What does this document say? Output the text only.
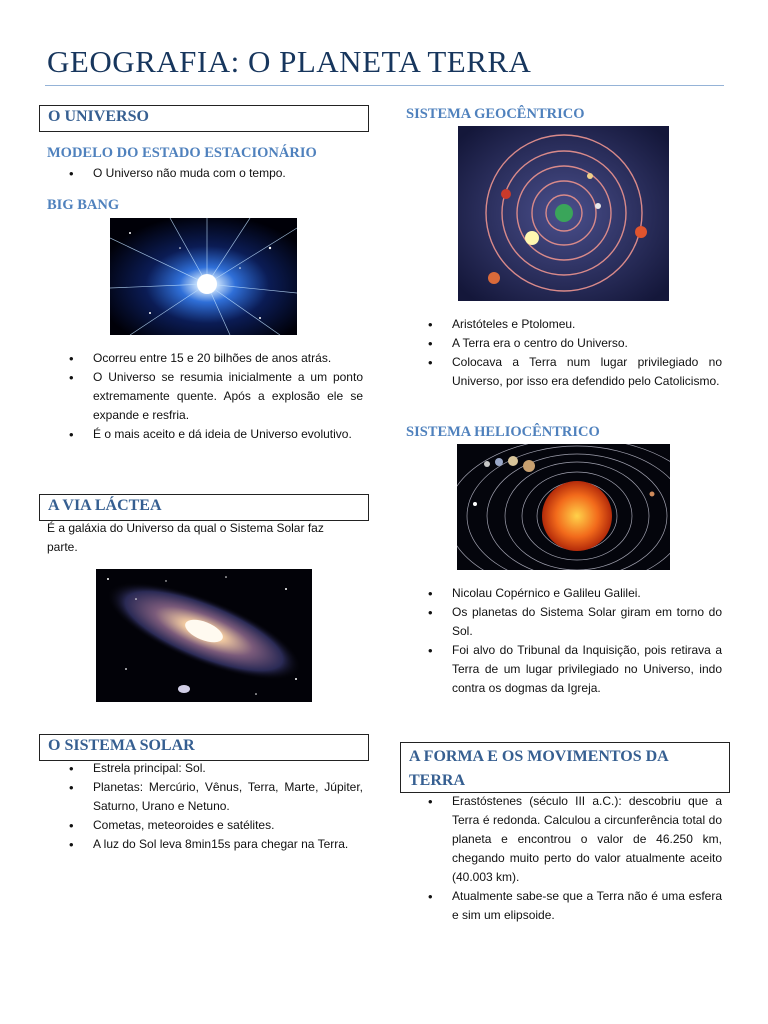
GEOGRAFIA: O PLANETA TERRA
O UNIVERSO
MODELO DO ESTADO ESTACIONÁRIO
• O Universo não muda com o tempo.
BIG BANG
• Ocorreu entre 15 e 20 bilhões de anos atrás.
• O Universo se resumia inicialmente a um ponto extremamente quente. Após a explosão ele se expande e resfria.
• É o mais aceito e dá ideia de Universo evolutivo.
A VIA LÁCTEA

É a galáxia do Universo da qual o Sistema Solar faz parte.

O SISTEMA SOLAR
• Estrela principal: Sol.
• Planetas: Mercúrio, Vênus, Terra, Marte, Júpiter, Saturno, Urano e Netuno.
• Cometas, meteoroides e satélites.
• A luz do Sol leva 8min15s para chegar na Terra.
SISTEMA GEOCÊNTRICO
• Aristóteles e Ptolomeu.
• A Terra era o centro do Universo.
• Colocava a Terra num lugar privilegiado no Universo, por isso era defendido pelo Catolicismo.
SISTEMA HELIOCÊNTRICO
• Nicolau Copérnico e Galileu Galilei.
• Os planetas do Sistema Solar giram em torno do Sol.
• Foi alvo do Tribunal da Inquisição, pois retirava a Terra de um lugar privilegiado no Universo, indo contra os dogmas da Igreja.
A FORMA E OS MOVIMENTOS DA TERRA
• Erastóstenes (século III a.C.): descobriu que a Terra é redonda. Calculou a circunferência total do planeta e encontrou o valor de 46.250 km, chegando muito perto do valor atualmente aceito (40.003 km).
• Atualmente sabe-se que a Terra não é uma esfera e sim um elipsoide.
